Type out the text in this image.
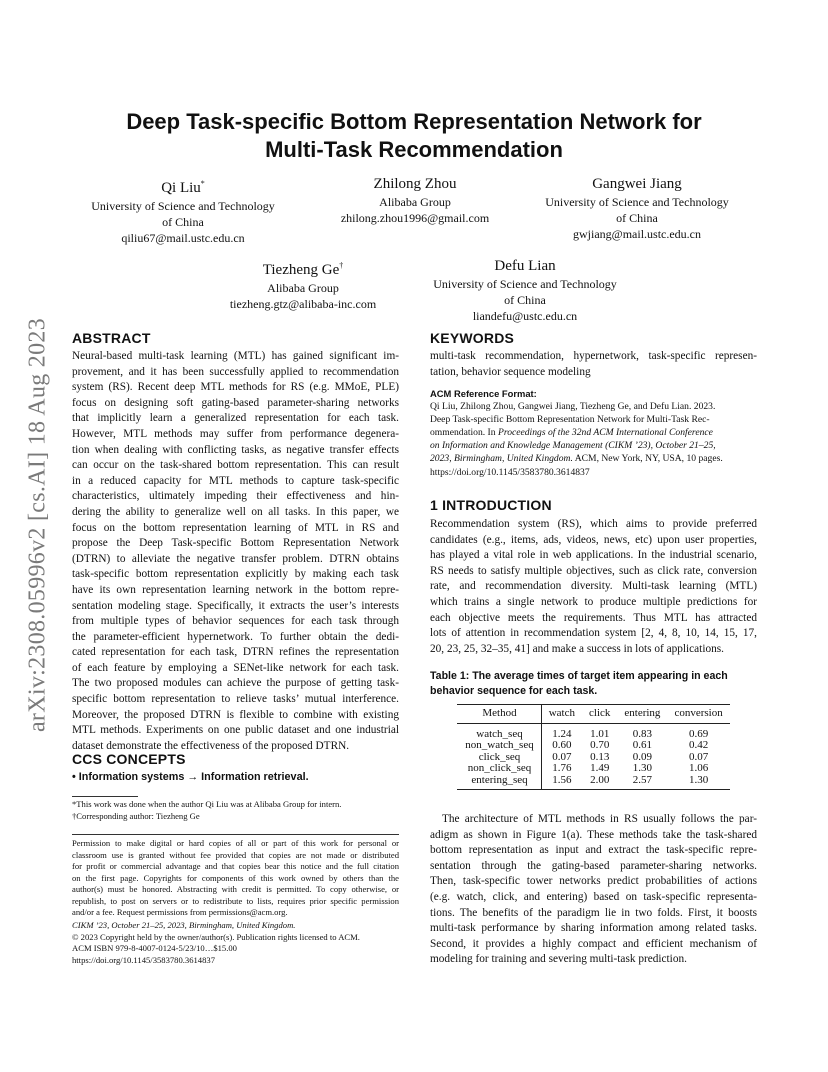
arXiv:2308.05996v2 [cs.AI] 18 Aug 2023
Deep Task-specific Bottom Representation Network for
Multi-Task Recommendation
Qi Liu*
University of Science and Technology
of China
qiliu67@mail.ustc.edu.cn
Zhilong Zhou
Alibaba Group
zhilong.zhou1996@gmail.com
Gangwei Jiang
University of Science and Technology
of China
gwjiang@mail.ustc.edu.cn
Tiezheng Ge†
Alibaba Group
tiezheng.gtz@alibaba-inc.com
Defu Lian
University of Science and Technology
of China
liandefu@ustc.edu.cn
ABSTRACT
Neural-based multi-task learning (MTL) has gained significant im-
provement, and it has been successfully applied to recommendation
system (RS). Recent deep MTL methods for RS (e.g. MMoE, PLE)
focus on designing soft gating-based parameter-sharing networks
that implicitly learn a generalized representation for each task.
However, MTL methods may suffer from performance degenera-
tion when dealing with conflicting tasks, as negative transfer effects
can occur on the task-shared bottom representation. This can result
in a reduced capacity for MTL methods to capture task-specific
characteristics, ultimately impeding their effectiveness and hin-
dering the ability to generalize well on all tasks. In this paper, we
focus on the bottom representation learning of MTL in RS and
propose the Deep Task-specific Bottom Representation Network
(DTRN) to alleviate the negative transfer problem. DTRN obtains
task-specific bottom representation explicitly by making each task
have its own representation learning network in the bottom repre-
sentation modeling stage. Specifically, it extracts the user’s interests
from multiple types of behavior sequences for each task through
the parameter-efficient hypernetwork. To further obtain the dedi-
cated representation for each task, DTRN refines the representation
of each feature by employing a SENet-like network for each task.
The two proposed modules can achieve the purpose of getting task-
specific bottom representation to relieve tasks’ mutual interference.
Moreover, the proposed DTRN is flexible to combine with existing
MTL methods. Experiments on one public dataset and one industrial
dataset demonstrate the effectiveness of the proposed DTRN.
CCS CONCEPTS
• Information systems → Information retrieval.
*This work was done when the author Qi Liu was at Alibaba Group for intern.
†Corresponding author: Tiezheng Ge
Permission to make digital or hard copies of all or part of this work for personal or
classroom use is granted without fee provided that copies are not made or distributed
for profit or commercial advantage and that copies bear this notice and the full citation
on the first page. Copyrights for components of this work owned by others than the
author(s) must be honored. Abstracting with credit is permitted. To copy otherwise, or
republish, to post on servers or to redistribute to lists, requires prior specific permission
and/or a fee. Request permissions from permissions@acm.org.
CIKM ’23, October 21–25, 2023, Birmingham, United Kingdom.
© 2023 Copyright held by the owner/author(s). Publication rights licensed to ACM.
ACM ISBN 979-8-4007-0124-5/23/10…$15.00
https://doi.org/10.1145/3583780.3614837
KEYWORDS
multi-task recommendation, hypernetwork, task-specific represen-
tation, behavior sequence modeling
ACM Reference Format:
Qi Liu, Zhilong Zhou, Gangwei Jiang, Tiezheng Ge, and Defu Lian. 2023.
Deep Task-specific Bottom Representation Network for Multi-Task Rec-
ommendation. In Proceedings of the 32nd ACM International Conference
on Information and Knowledge Management (CIKM ’23), October 21–25,
2023, Birmingham, United Kingdom. ACM, New York, NY, USA, 10 pages.
https://doi.org/10.1145/3583780.3614837
1 INTRODUCTION
Recommendation system (RS), which aims to provide preferred
candidates (e.g., items, ads, videos, news, etc) upon user properties,
has played a vital role in web applications. In the industrial scenario,
RS needs to satisfy multiple objectives, such as click rate, conversion
rate, and recommendation diversity. Multi-task learning (MTL)
which trains a single network to produce multiple predictions for
each objective meets the requirements. Thus MTL has attracted
lots of attention in recommendation system [2, 4, 8, 10, 14, 15, 17,
20, 23, 25, 32–35, 41] and make a success in lots of applications.
Table 1: The average times of target item appearing in each
behavior sequence for each task.
Method	watch	click	entering	conversion
watch_seq	1.24	1.01	0.83	0.69
non_watch_seq	0.60	0.70	0.61	0.42
click_seq	0.07	0.13	0.09	0.07
non_click_seq	1.76	1.49	1.30	1.06
entering_seq	1.56	2.00	2.57	1.30
The architecture of MTL methods in RS usually follows the par-
adigm as shown in Figure 1(a). These methods take the task-shared
bottom representation as input and extract the task-specific repre-
sentation through the gating-based parameter-sharing networks.
Then, task-specific tower networks predict probabilities of actions
(e.g. watch, click, and entering) based on task-specific representa-
tions. The benefits of the paradigm lie in two folds. First, it boosts
multi-task performance by sharing information among related tasks.
Second, it provides a highly compact and efficient mechanism of
modeling for training and severing multi-task prediction.
